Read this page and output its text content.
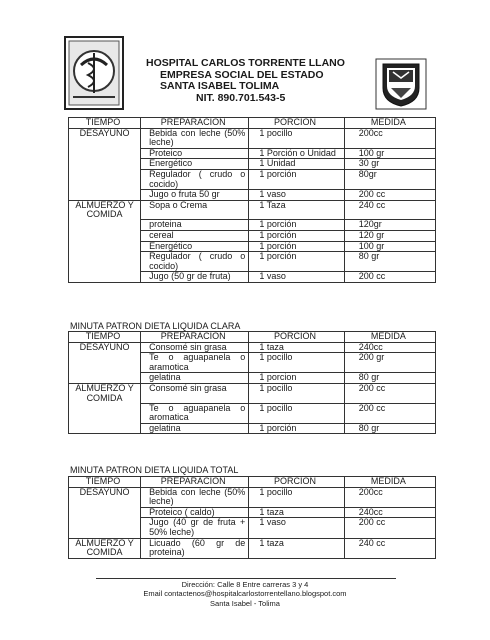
HOSPITAL CARLOS TORRENTE LLANO
EMPRESA SOCIAL DEL ESTADO
SANTA ISABEL TOLIMA
NIT. 890.701.543-5
TIEMPO	PREPARACION	PORCION	MEDIDA
DESAYUNO	Bebida con leche (50% leche)	1 pocillo	200cc
	Proteico	1 Porción o Unidad	100 gr
	Energético	1 Unidad	30 gr
	Regulador ( crudo o cocido)	1 porción	80gr
	Jugo o fruta 50 gr	1 vaso	200 cc
ALMUERZO Y COMIDA	Sopa o Crema	1 Taza	240 cc
	proteina	1 porción	120gr
	cereal	1 porción	120 gr
	Energético	1 porción	100 gr
	Regulador ( crudo o cocido)	1 porción	80 gr
	Jugo (50 gr de fruta)	1 vaso	200 cc
MINUTA PATRON DIETA LIQUIDA CLARA
TIEMPO	PREPARACION	PORCION	MEDIDA
DESAYUNO	Consomé sin grasa	1 taza	240cc
	Te o aguapanela o aramotica	1 pocillo	200 gr
	gelatina	1 porcion	80 gr
ALMUERZO Y COMIDA	Consomé sin grasa	1 pocillo	200 cc
	Te o aguapanela o aromatica	1 pocillo	200 cc
	gelatina	1 porción	80 gr
MINUTA PATRON DIETA LIQUIDA TOTAL
TIEMPO	PREPARACION	PORCION	MEDIDA
DESAYUNO	Bebida con leche (50% leche)	1 pocillo	200cc
	Proteico ( caldo)	1 taza	240cc
	Jugo (40 gr de fruta + 50% leche)	1 vaso	200 cc
ALMUERZO Y COMIDA	Licuado (60 gr de proteina)	1 taza	240 cc
Dirección: Calle 8 Entre carreras 3 y 4
Email contactenos@hospitalcarlostorrentellano.blogspot.com
Santa Isabel - Tolima
